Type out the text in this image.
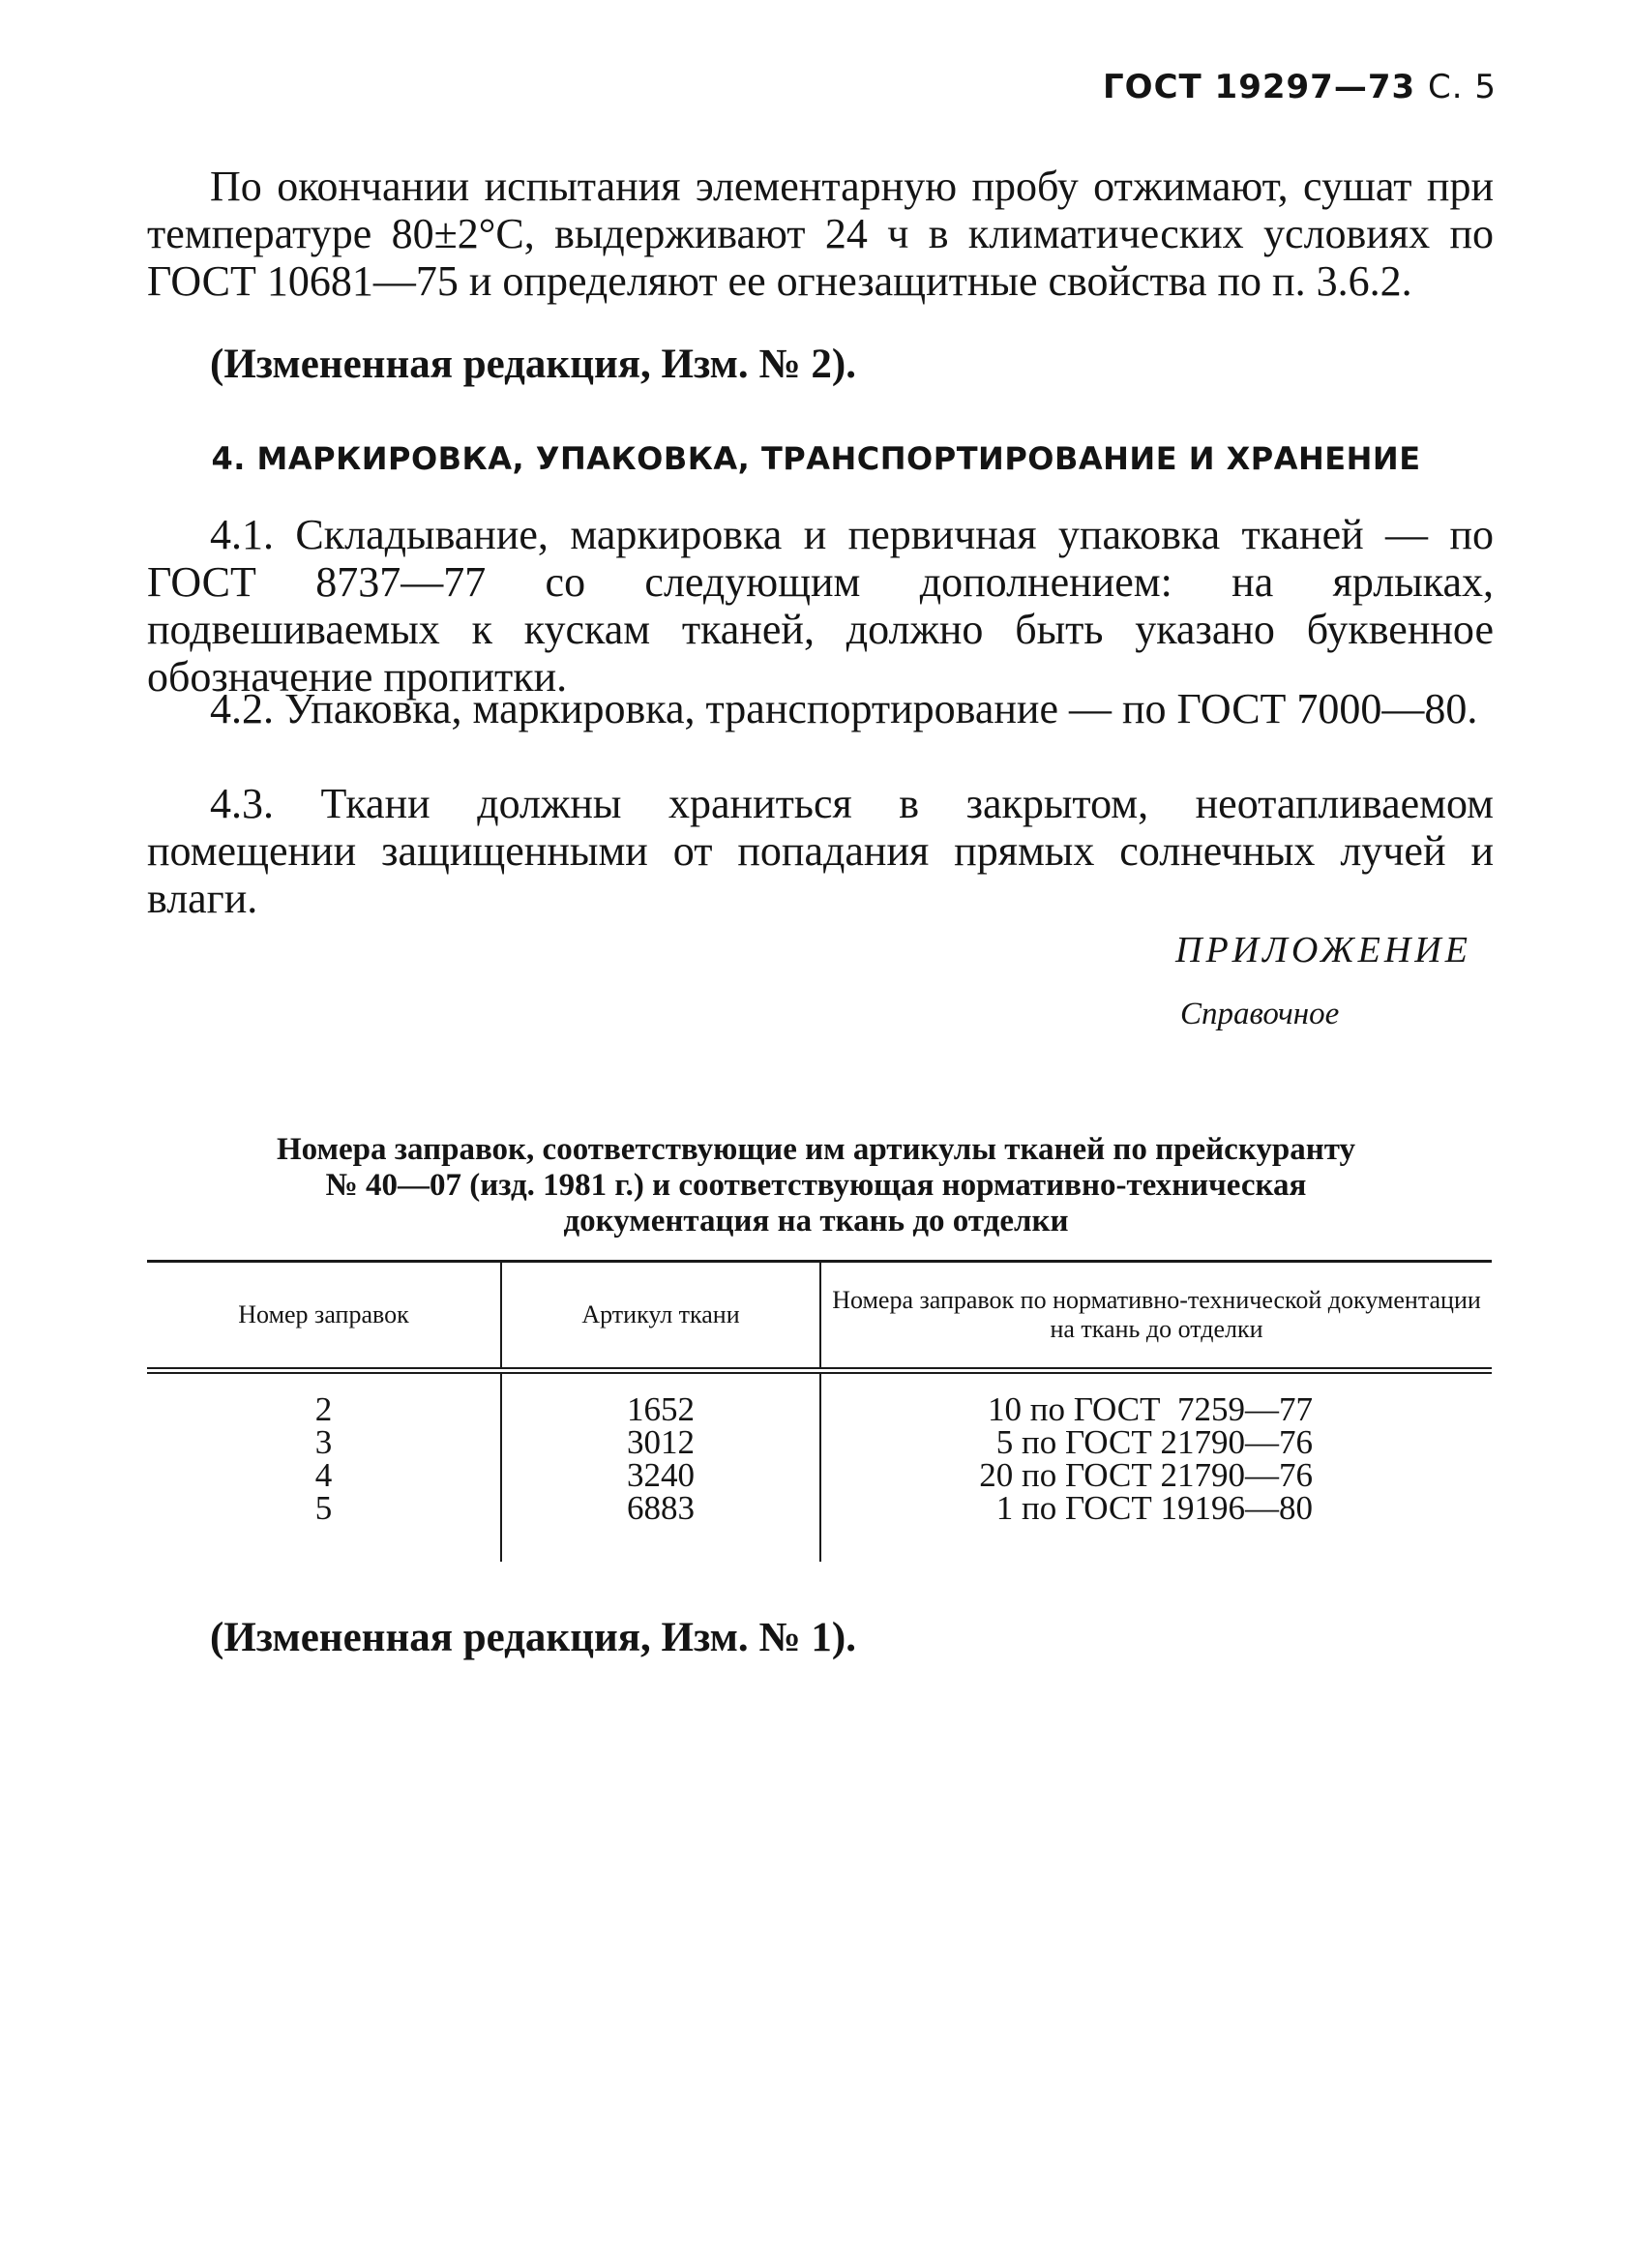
ГОСТ 19297—73 С. 5

По окончании испытания элементарную пробу отжимают, сушат при температуре 80±2°С, выдерживают 24 ч в климатических условиях по ГОСТ 10681—75 и определяют ее огнезащитные свойства по п. 3.6.2.

(Измененная редакция, Изм. № 2).

4. МАРКИРОВКА, УПАКОВКА, ТРАНСПОРТИРОВАНИЕ И ХРАНЕНИЕ

4.1. Складывание, маркировка и первичная упаковка тканей — по ГОСТ 8737—77 со следующим дополнением: на ярлыках, подвешиваемых к кускам тканей, должно быть указано буквенное обозначение пропитки.

4.2. Упаковка, маркировка, транспортирование — по ГОСТ 7000—80.

4.3. Ткани должны храниться в закрытом, неотапливаемом помещении защищенными от попадания прямых солнечных лучей и влаги.

ПРИЛОЖЕНИЕ

Справочное

Номера заправок, соответствующие им артикулы тканей по прейскуранту
№ 40—07 (изд. 1981 г.) и соответствующая нормативно-техническая
документация на ткань до отделки
Номер заправок	Артикул ткани
Номера заправок по нормативно-технической документации на ткань до отделки
2
3
4
5
1652
3012
3240
6883
10 по ГОСТ  7259—77
5 по ГОСТ 21790—76
20 по ГОСТ 21790—76
1 по ГОСТ 19196—80

(Измененная редакция, Изм. № 1).
